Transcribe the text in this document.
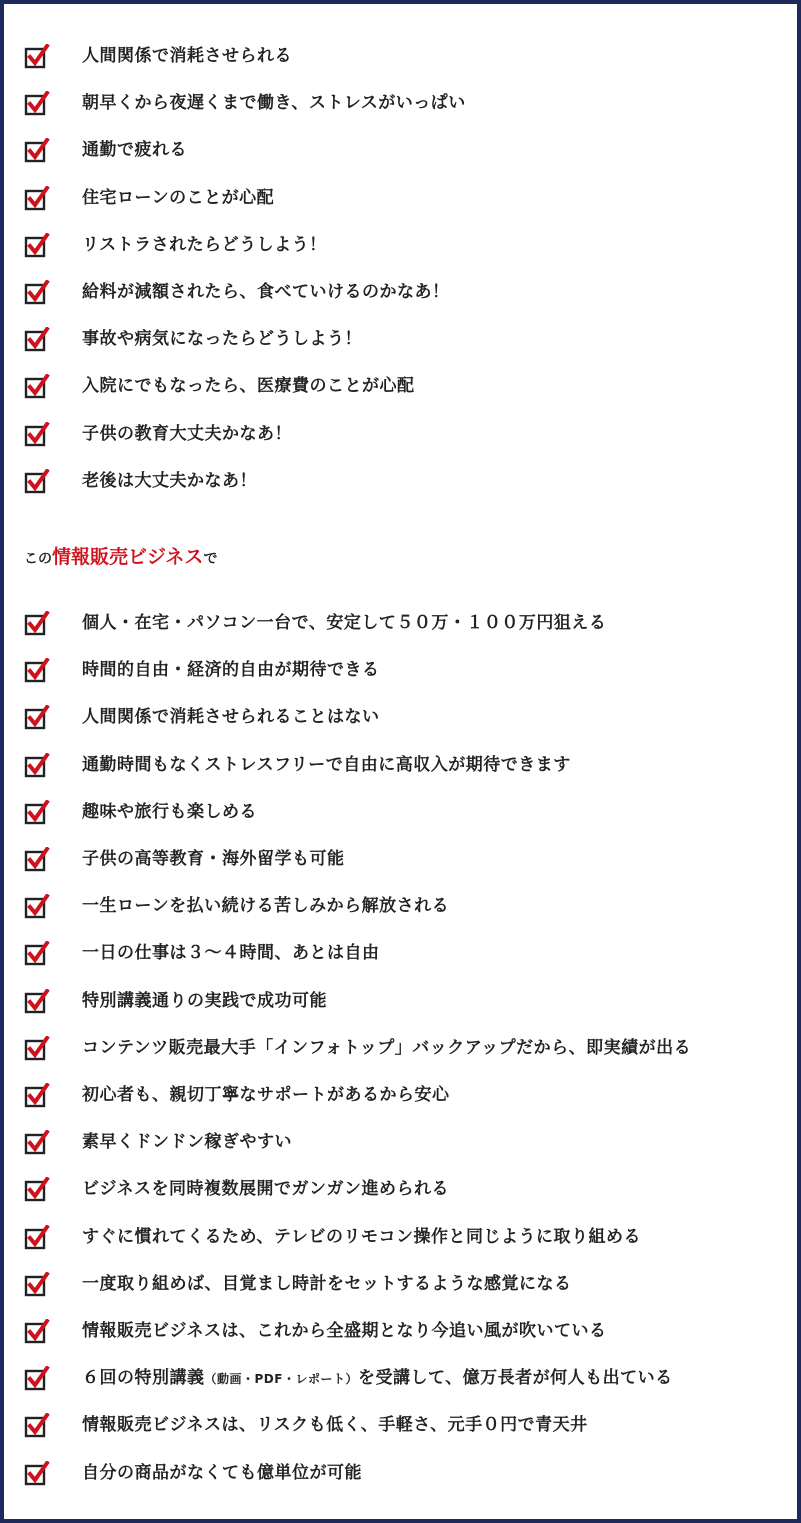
人間関係で消耗させられる
朝早くから夜遅くまで働き、ストレスがいっぱい
通勤で疲れる
住宅ローンのことが心配
リストラされたらどうしよう！
給料が減額されたら、食べていけるのかなあ！
事故や病気になったらどうしよう！
入院にでもなったら、医療費のことが心配
子供の教育大丈夫かなあ！
老後は大丈夫かなあ！
この情報販売ビジネスで
個人・在宅・パソコン一台で、安定して５０万・１００万円狙える
時間的自由・経済的自由が期待できる
人間関係で消耗させられることはない
通勤時間もなくストレスフリーで自由に高収入が期待できます
趣味や旅行も楽しめる
子供の高等教育・海外留学も可能
一生ローンを払い続ける苦しみから解放される
一日の仕事は３～４時間、あとは自由
特別講義通りの実践で成功可能
コンテンツ販売最大手「インフォトップ」バックアップだから、即実績が出る
初心者も、親切丁寧なサポートがあるから安心
素早くドンドン稼ぎやすい
ビジネスを同時複数展開でガンガン進められる
すぐに慣れてくるため、テレビのリモコン操作と同じように取り組める
一度取り組めば、目覚まし時計をセットするような感覚になる
情報販売ビジネスは、これから全盛期となり今追い風が吹いている
６回の特別講義（動画・PDF・レポート）を受講して、億万長者が何人も出ている
情報販売ビジネスは、リスクも低く、手軽さ、元手０円で青天井
自分の商品がなくても億単位が可能
